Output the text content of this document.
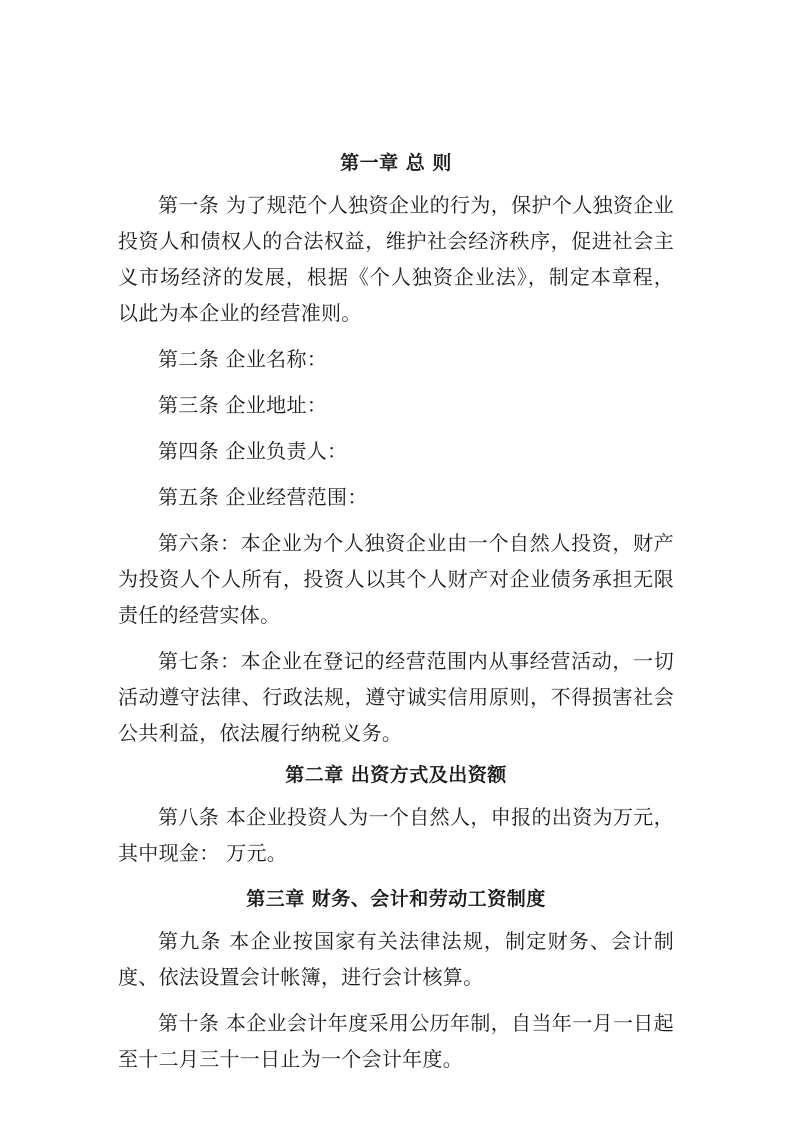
第一章 总 则

第一条 为了规范个人独资企业的行为，保护个人独资企业投资人和债权人的合法权益，维护社会经济秩序，促进社会主义市场经济的发展，根据《个人独资企业法》，制定本章程，以此为本企业的经营准则。

第二条 企业名称：

第三条 企业地址：

第四条 企业负责人：

第五条 企业经营范围：

第六条：本企业为个人独资企业由一个自然人投资，财产为投资人个人所有，投资人以其个人财产对企业债务承担无限责任的经营实体。

第七条：本企业在登记的经营范围内从事经营活动，一切活动遵守法律、行政法规，遵守诚实信用原则，不得损害社会公共利益，依法履行纳税义务。

第二章 出资方式及出资额

第八条 本企业投资人为一个自然人，申报的出资为万元，其中现金： 万元。

第三章 财务、会计和劳动工资制度

第九条 本企业按国家有关法律法规，制定财务、会计制度、依法设置会计帐簿，进行会计核算。

第十条 本企业会计年度采用公历年制，自当年一月一日起至十二月三十一日止为一个会计年度。
